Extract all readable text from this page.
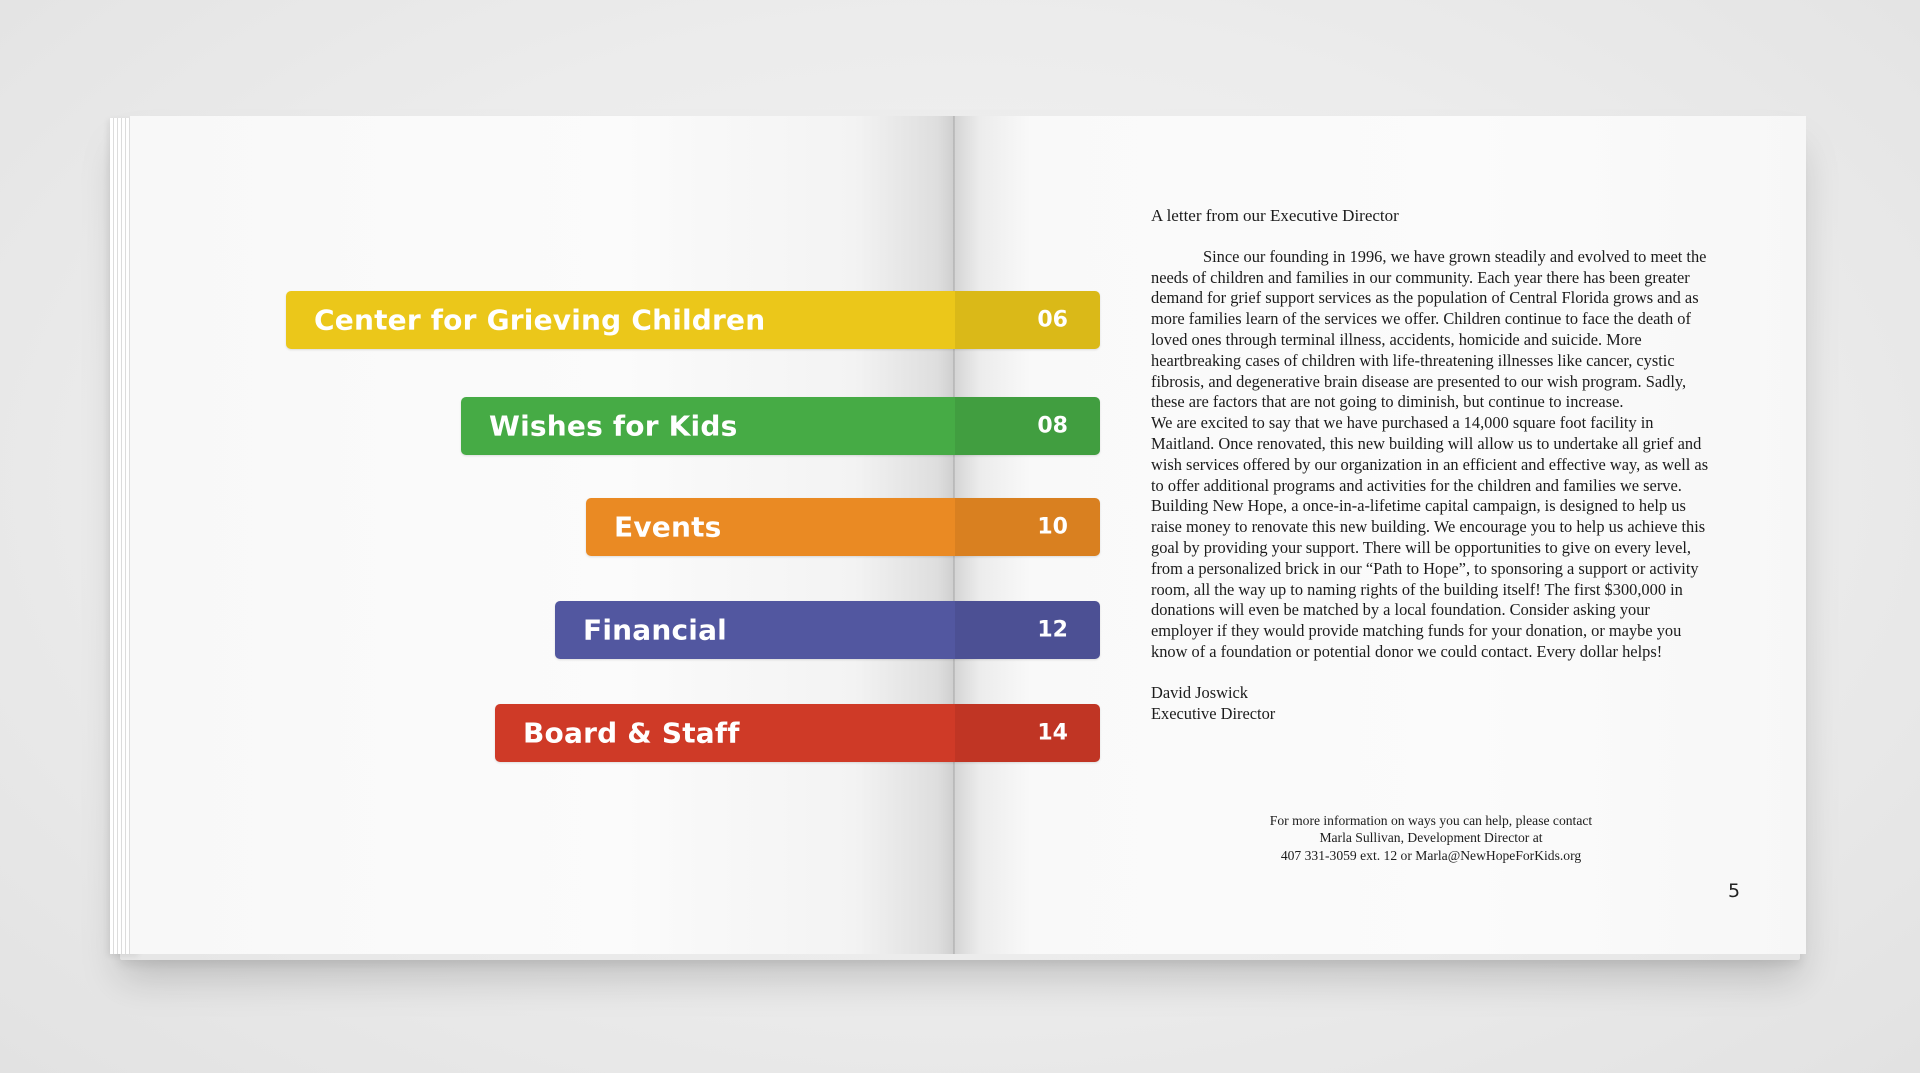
Center for Grieving Children	06
Wishes for Kids	08
Events	10
Financial	12
Board & Staff	14
A letter from our Executive Director

Since our founding in 1996, we have grown steadily and evolved to meet the needs of children and families in our community. Each year there has been greater demand for grief support services as the population of Central Florida grows and as more families learn of the services we offer. Children continue to face the death of loved ones through terminal illness, accidents, homicide and suicide. More heartbreaking cases of children with life-threatening illnesses like cancer, cystic fibrosis, and degenerative brain disease are presented to our wish program. Sadly, these are factors that are not going to diminish, but continue to increase.

We are excited to say that we have purchased a 14,000 square foot facility in Maitland. Once renovated, this new building will allow us to undertake all grief and wish services offered by our organization in an efficient and effective way, as well as to offer additional programs and activities for the children and families we serve.

Building New Hope, a once-in-a-lifetime capital campaign, is designed to help us raise money to renovate this new building. We encourage you to help us achieve this goal by providing your support. There will be opportunities to give on every level, from a personalized brick in our “Path to Hope”, to sponsoring a support or activity room, all the way up to naming rights of the building itself! The first $300,000 in donations will even be matched by a local foundation. Consider asking your employer if they would provide matching funds for your donation, or maybe you know of a foundation or potential donor we could contact. Every dollar helps!

David Joswick
Executive Director
For more information on ways you can help, please contact
Marla Sullivan, Development Director at
407 331-3059 ext. 12 or Marla@NewHopeForKids.org
5
